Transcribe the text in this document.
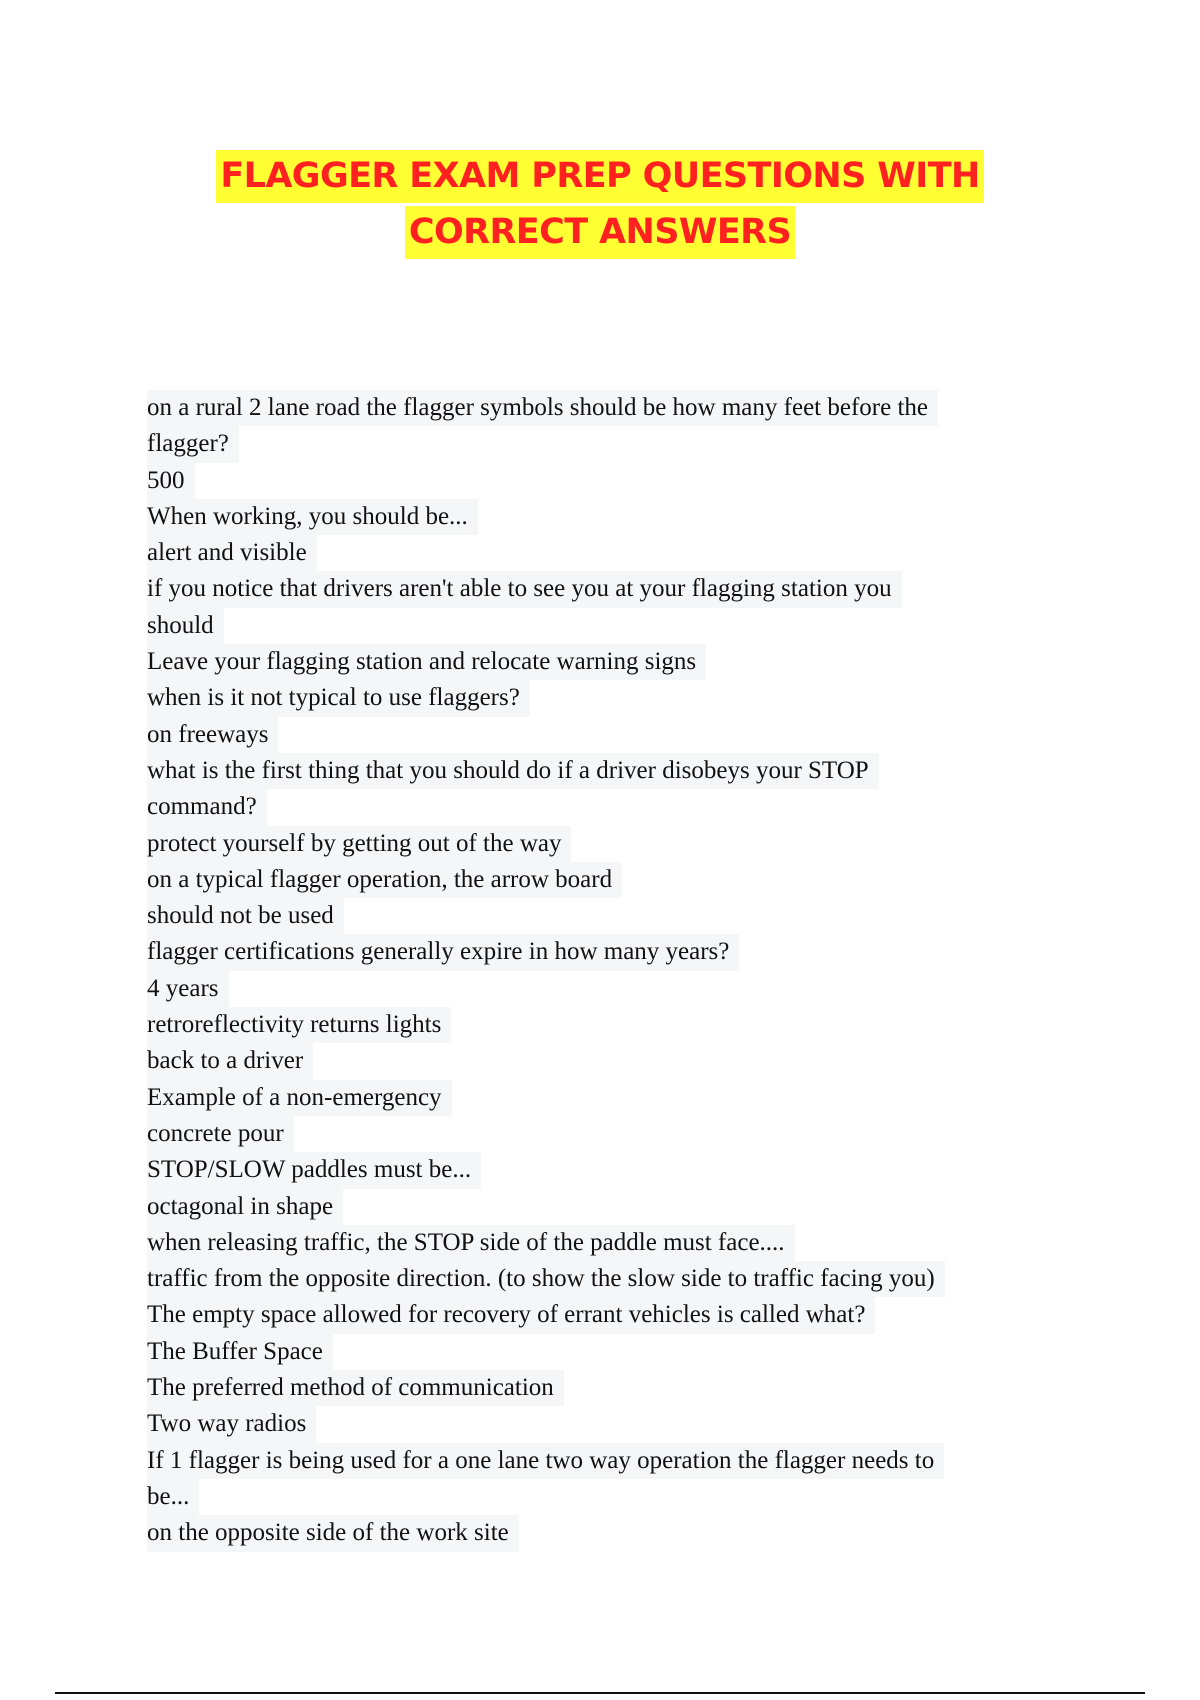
FLAGGER EXAM PREP QUESTIONS WITH
CORRECT ANSWERS
on a rural 2 lane road the flagger symbols should be how many feet before the
flagger?
500
When working, you should be...
alert and visible
if you notice that drivers aren't able to see you at your flagging station you
should
Leave your flagging station and relocate warning signs
when is it not typical to use flaggers?
on freeways
what is the first thing that you should do if a driver disobeys your STOP
command?
protect yourself by getting out of the way
on a typical flagger operation, the arrow board
should not be used
flagger certifications generally expire in how many years?
4 years
retroreflectivity returns lights
back to a driver
Example of a non-emergency
concrete pour
STOP/SLOW paddles must be...
octagonal in shape
when releasing traffic, the STOP side of the paddle must face....
traffic from the opposite direction. (to show the slow side to traffic facing you)
The empty space allowed for recovery of errant vehicles is called what?
The Buffer Space
The preferred method of communication
Two way radios
If 1 flagger is being used for a one lane two way operation the flagger needs to
be...
on the opposite side of the work site
